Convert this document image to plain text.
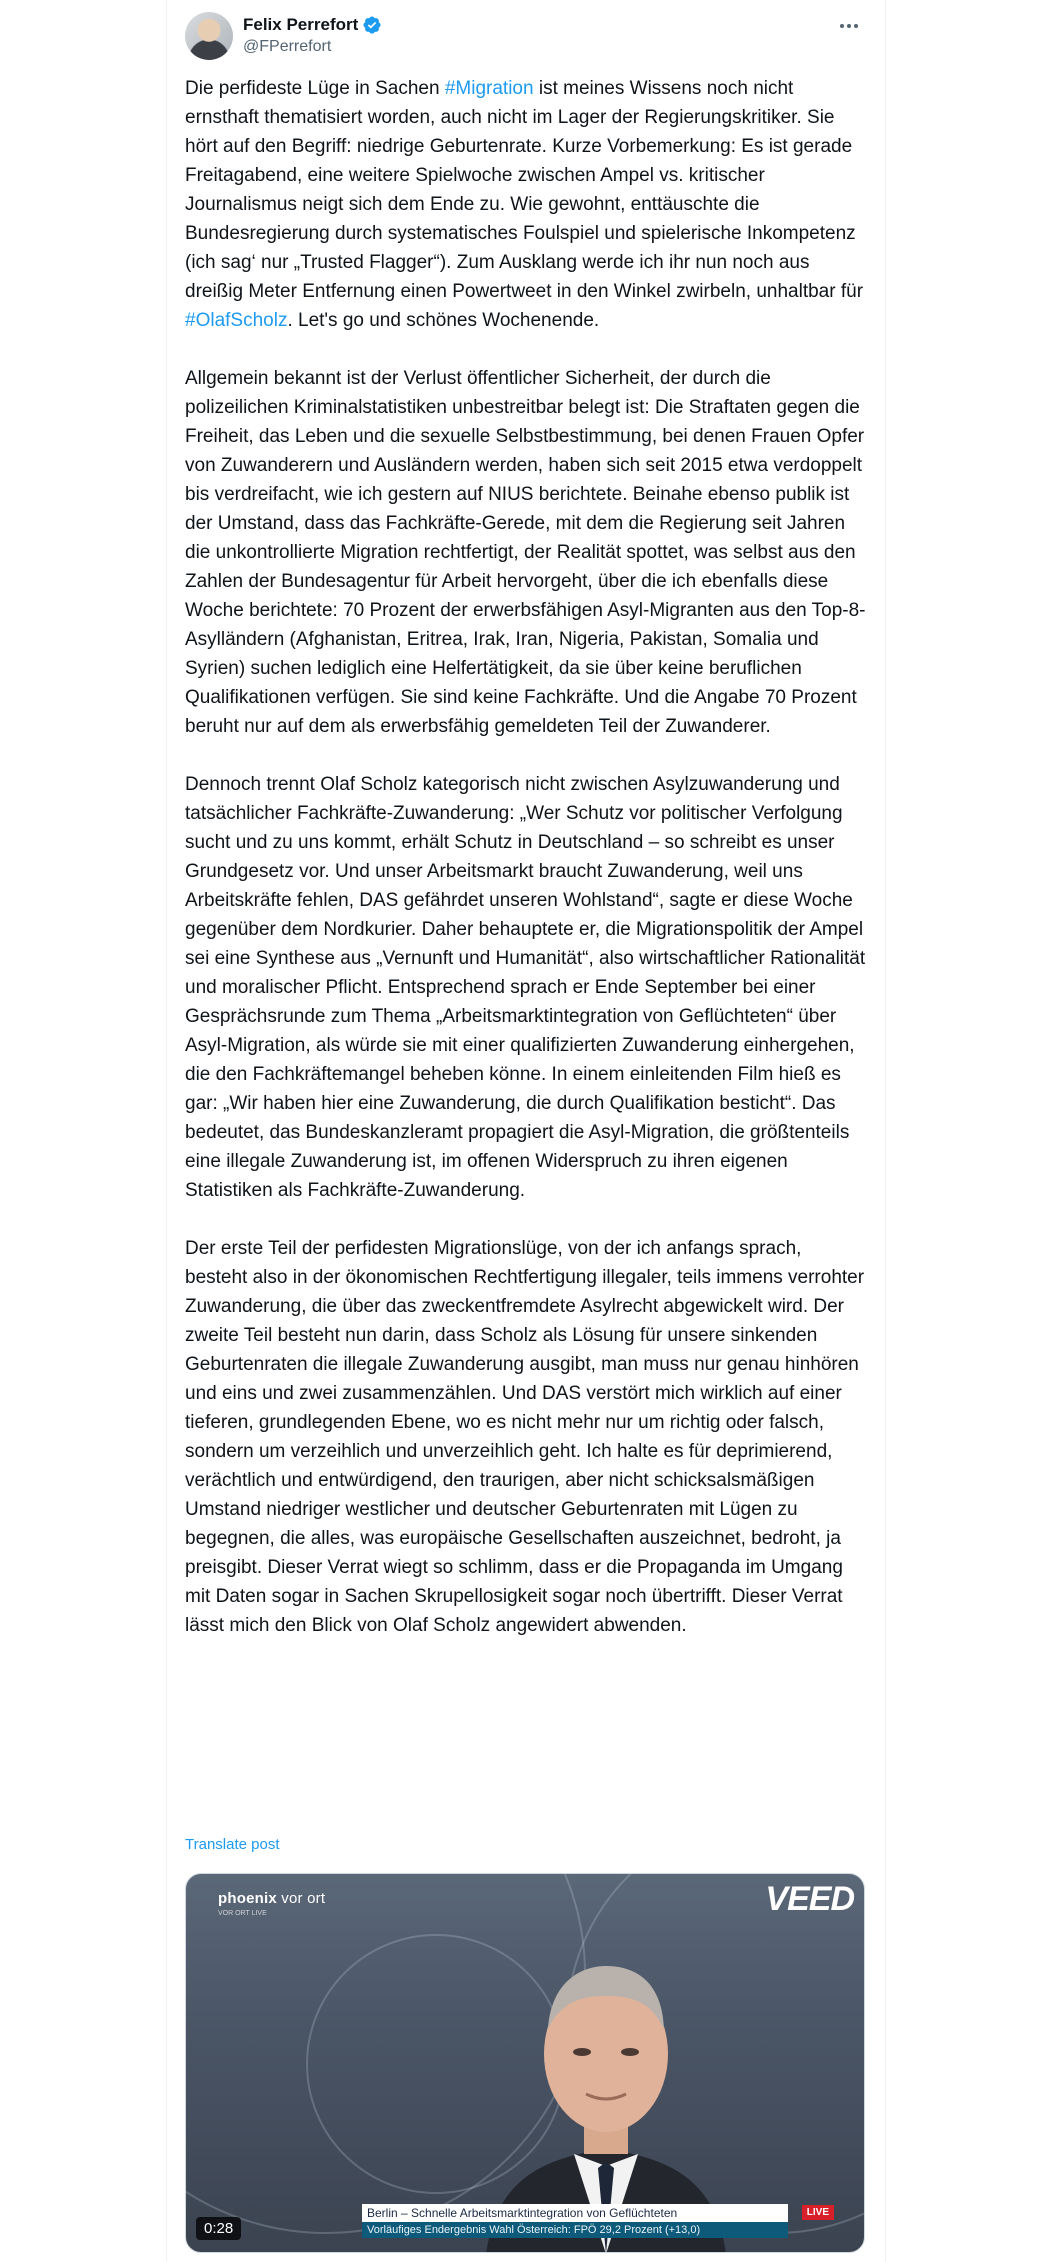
Felix Perrefort
@FPerrefort

Die perfideste Lüge in Sachen #Migration ist meines Wissens noch nicht ernsthaft thematisiert worden, auch nicht im Lager der Regierungskritiker. Sie hört auf den Begriff: niedrige Geburtenrate. Kurze Vorbemerkung: Es ist gerade Freitagabend, eine weitere Spielwoche zwischen Ampel vs. kritischer Journalismus neigt sich dem Ende zu. Wie gewohnt, enttäuschte die Bundesregierung durch systematisches Foulspiel und spielerische Inkompetenz (ich sag‘ nur „Trusted Flagger“). Zum Ausklang werde ich ihr nun noch aus dreißig Meter Entfernung einen Powertweet in den Winkel zwirbeln, unhaltbar für #OlafScholz. Let's go und schönes Wochenende.

Allgemein bekannt ist der Verlust öffentlicher Sicherheit, der durch die polizeilichen Kriminalstatistiken unbestreitbar belegt ist: Die Straftaten gegen die Freiheit, das Leben und die sexuelle Selbstbestimmung, bei denen Frauen Opfer von Zuwanderern und Ausländern werden, haben sich seit 2015 etwa verdoppelt bis verdreifacht, wie ich gestern auf NIUS berichtete. Beinahe ebenso publik ist der Umstand, dass das Fachkräfte-Gerede, mit dem die Regierung seit Jahren die unkontrollierte Migration rechtfertigt, der Realität spottet, was selbst aus den Zahlen der Bundesagentur für Arbeit hervorgeht, über die ich ebenfalls diese Woche berichtete: 70 Prozent der erwerbsfähigen Asyl-Migranten aus den Top-8-Asylländern (Afghanistan, Eritrea, Irak, Iran, Nigeria, Pakistan, Somalia und Syrien) suchen lediglich eine Helfertätigkeit, da sie über keine beruflichen Qualifikationen verfügen. Sie sind keine Fachkräfte. Und die Angabe 70 Prozent beruht nur auf dem als erwerbsfähig gemeldeten Teil der Zuwanderer.

Dennoch trennt Olaf Scholz kategorisch nicht zwischen Asylzuwanderung und tatsächlicher Fachkräfte-Zuwanderung: „Wer Schutz vor politischer Verfolgung sucht und zu uns kommt, erhält Schutz in Deutschland – so schreibt es unser Grundgesetz vor. Und unser Arbeitsmarkt braucht Zuwanderung, weil uns Arbeitskräfte fehlen, DAS gefährdet unseren Wohlstand“, sagte er diese Woche gegenüber dem Nordkurier. Daher behauptete er, die Migrationspolitik der Ampel sei eine Synthese aus „Vernunft und Humanität“, also wirtschaftlicher Rationalität und moralischer Pflicht. Entsprechend sprach er Ende September bei einer Gesprächsrunde zum Thema „Arbeitsmarktintegration von Geflüchteten“ über Asyl-Migration, als würde sie mit einer qualifizierten Zuwanderung einhergehen, die den Fachkräftemangel beheben könne. In einem einleitenden Film hieß es gar: „Wir haben hier eine Zuwanderung, die durch Qualifikation besticht“. Das bedeutet, das Bundeskanzleramt propagiert die Asyl-Migration, die größtenteils eine illegale Zuwanderung ist, im offenen Widerspruch zu ihren eigenen Statistiken als Fachkräfte-Zuwanderung.

Der erste Teil der perfidesten Migrationslüge, von der ich anfangs sprach, besteht also in der ökonomischen Rechtfertigung illegaler, teils immens verrohter Zuwanderung, die über das zweckentfremdete Asylrecht abgewickelt wird. Der zweite Teil besteht nun darin, dass Scholz als Lösung für unsere sinkenden Geburtenraten die illegale Zuwanderung ausgibt, man muss nur genau hinhören und eins und zwei zusammenzählen. Und DAS verstört mich wirklich auf einer tieferen, grundlegenden Ebene, wo es nicht mehr nur um richtig oder falsch, sondern um verzeihlich und unverzeihlich geht. Ich halte es für deprimierend, verächtlich und entwürdigend, den traurigen, aber nicht schicksalsmäßigen Umstand niedriger westlicher und deutscher Geburtenraten mit Lügen zu begegnen, die alles, was europäische Gesellschaften auszeichnet, bedroht, ja preisgibt. Dieser Verrat wiegt so schlimm, dass er die Propaganda im Umgang mit Daten sogar in Sachen Skrupellosigkeit sogar noch übertrifft. Dieser Verrat lässt mich den Blick von Olaf Scholz angewidert abwenden.

Translate post
phoenix vor ort
VOR ORT LIVE	VEED
Berlin – Schnelle Arbeitsmarktintegration von Geflüchteten
Vorläufiges Endergebnis Wahl Österreich: FPÖ 29,2 Prozent (+13,0)
LIVE
0:28
